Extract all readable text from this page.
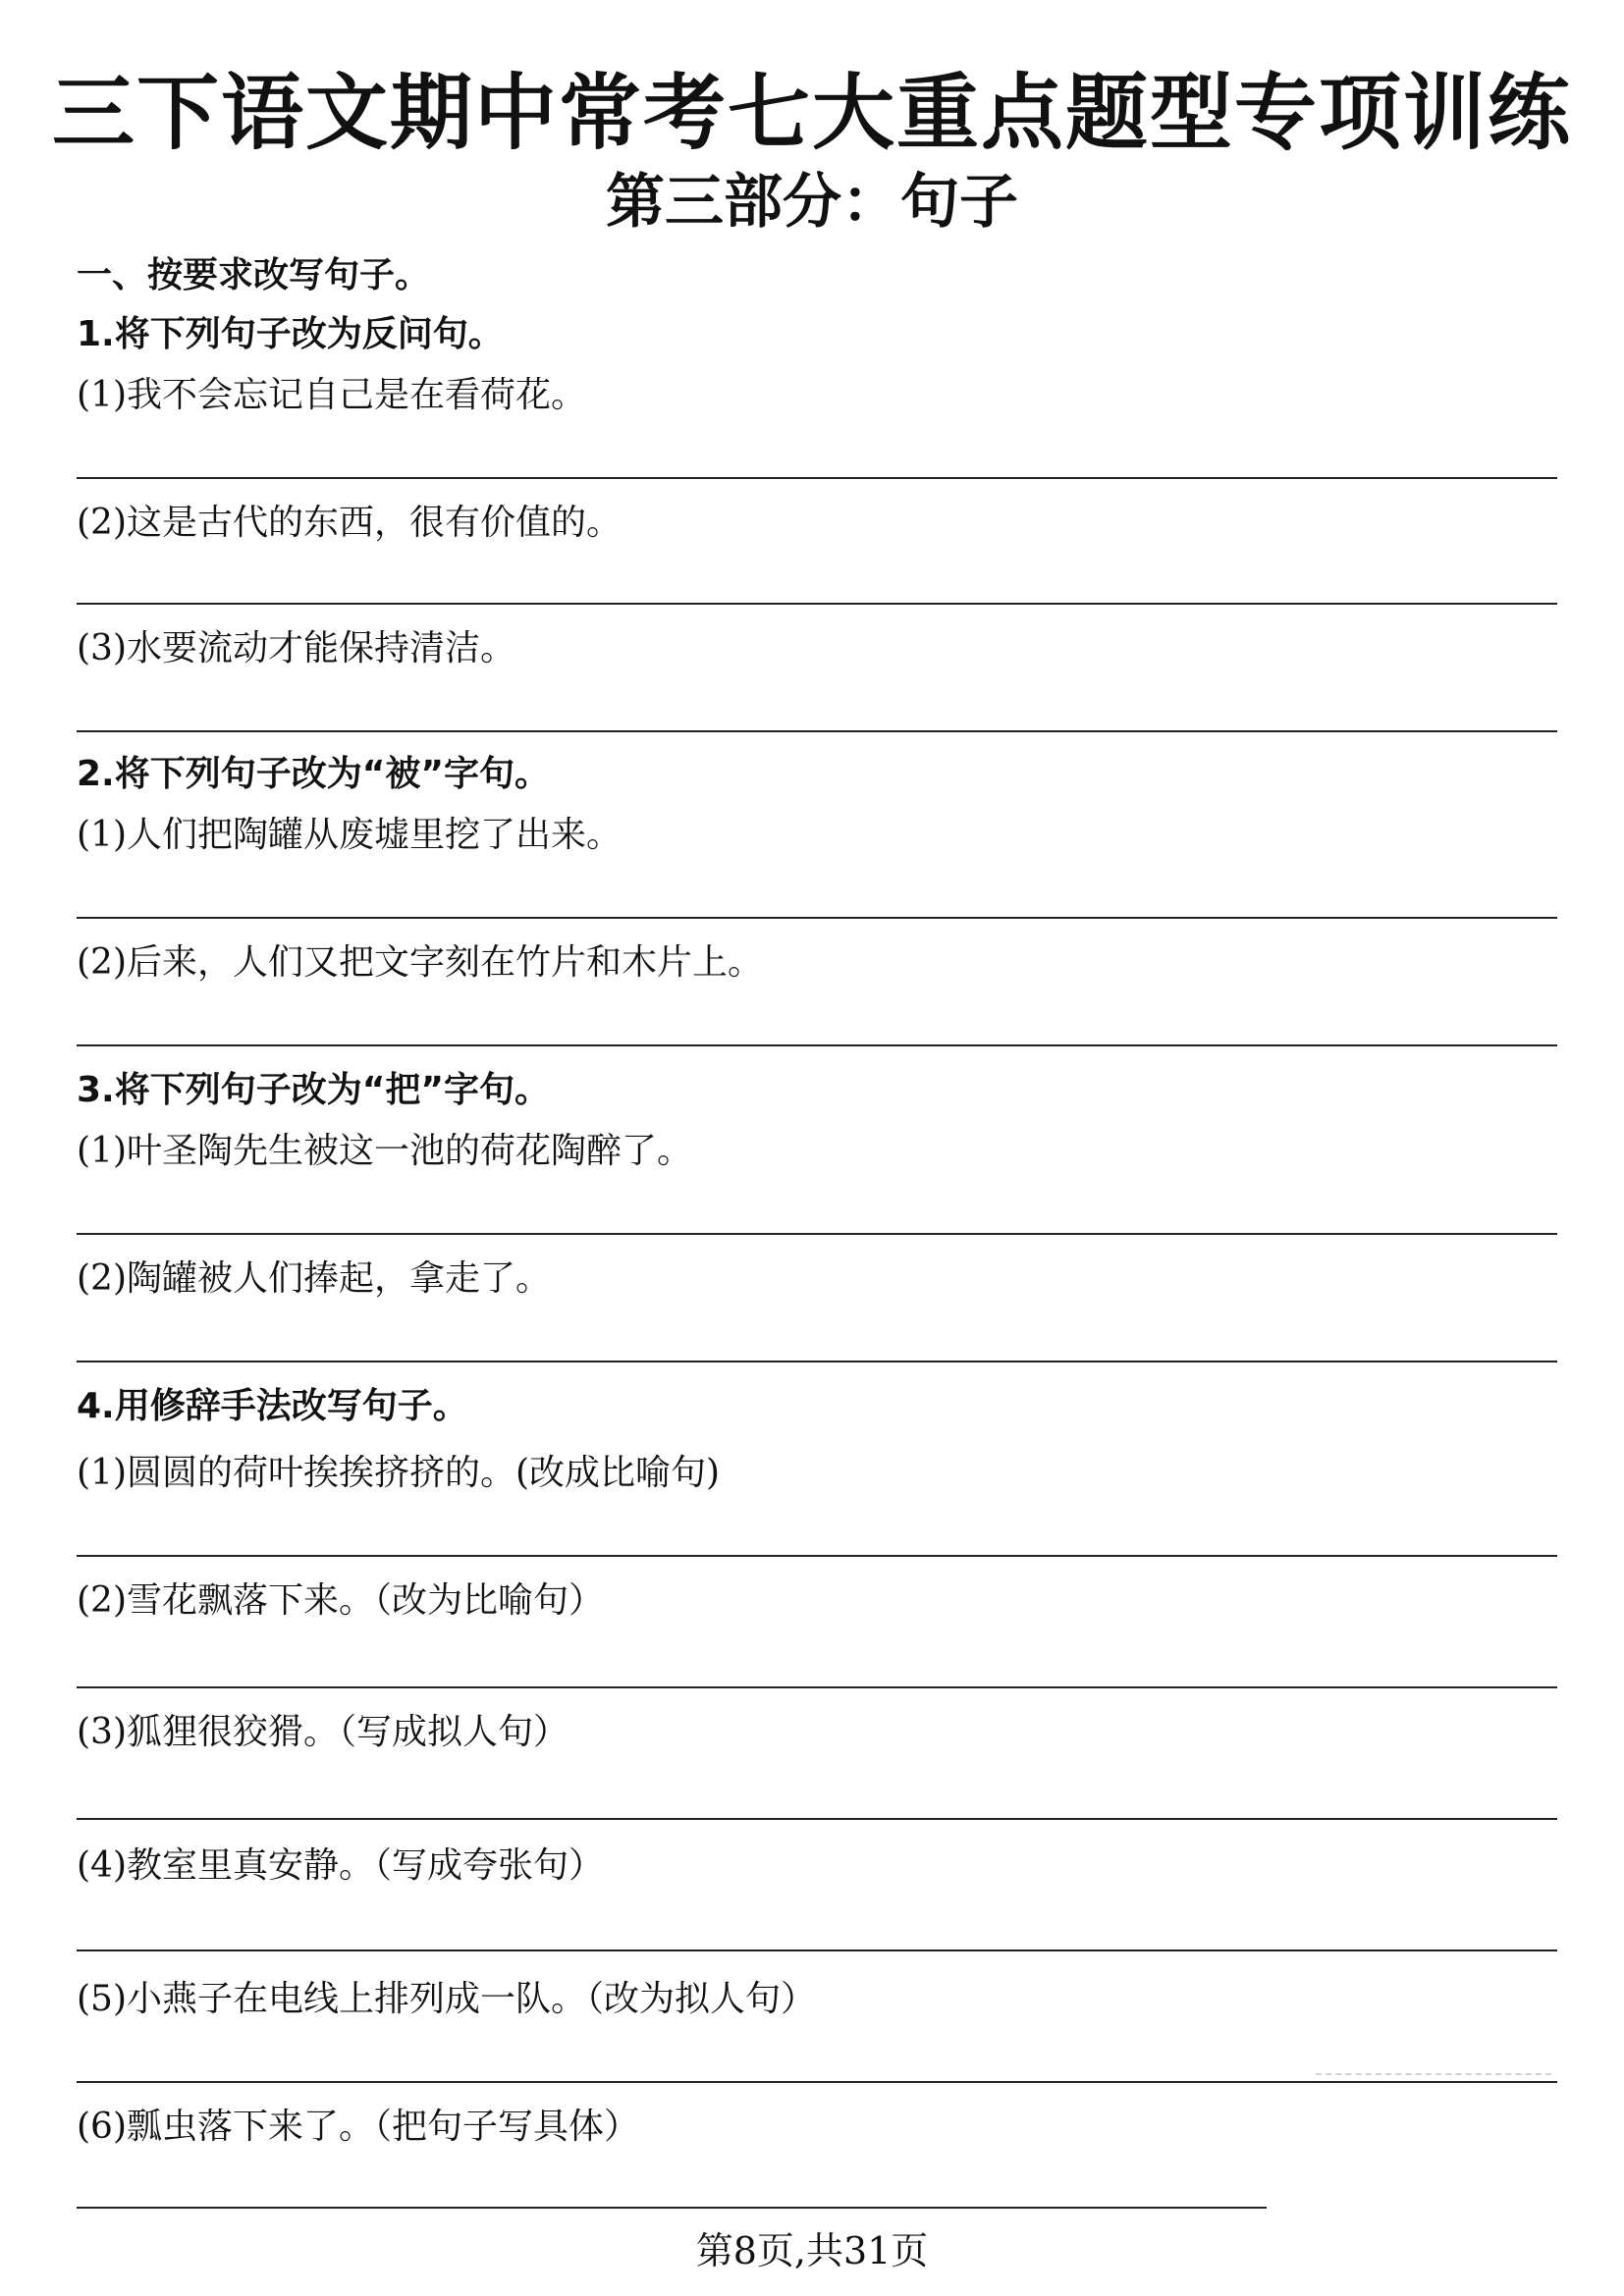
三下语文期中常考七大重点题型专项训练
第三部分：句子
一、按要求改写句子。
1.将下列句子改为反问句。
(1)我不会忘记自己是在看荷花。
(2)这是古代的东西，很有价值的。
(3)水要流动才能保持清洁。
2.将下列句子改为“被”字句。
(1)人们把陶罐从废墟里挖了出来。
(2)后来，人们又把文字刻在竹片和木片上。
3.将下列句子改为“把”字句。
(1)叶圣陶先生被这一池的荷花陶醉了。
(2)陶罐被人们捧起，拿走了。
4.用修辞手法改写句子。
(1)圆圆的荷叶挨挨挤挤的。(改成比喻句)
(2)雪花飘落下来。（改为比喻句）
(3)狐狸很狡猾。（写成拟人句）
(4)教室里真安静。（写成夸张句）
(5)小燕子在电线上排列成一队。（改为拟人句）
(6)瓢虫落下来了。（把句子写具体）
第8页,共31页
